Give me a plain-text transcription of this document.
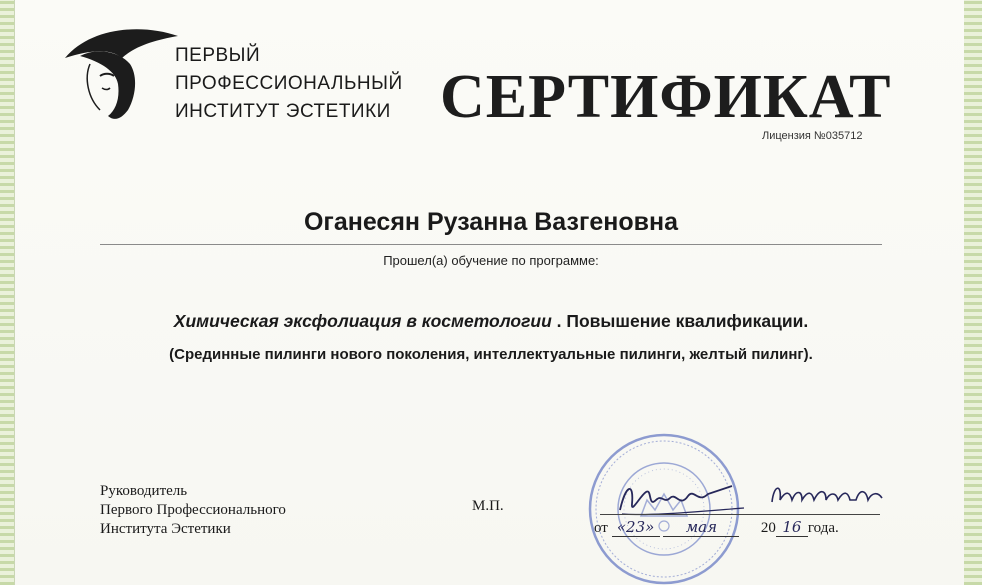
ПЕРВЫЙ
ПРОФЕССИОНАЛЬНЫЙ
ИНСТИТУТ ЭСТЕТИКИ СЕРТИФИКАТ
Лицензия №035712
Оганесян Рузанна Вазгеновна
Прошел(а) обучение по программе:
Химическая эксфолиация в косметологии . Повышение квалификации.
(Срединные пилинги нового поколения, интеллектуальные пилинги, желтый пилинг).
Руководитель
Первого Профессионального
Института Эстетики
М.П.
от «23» мая	20 16 года.
